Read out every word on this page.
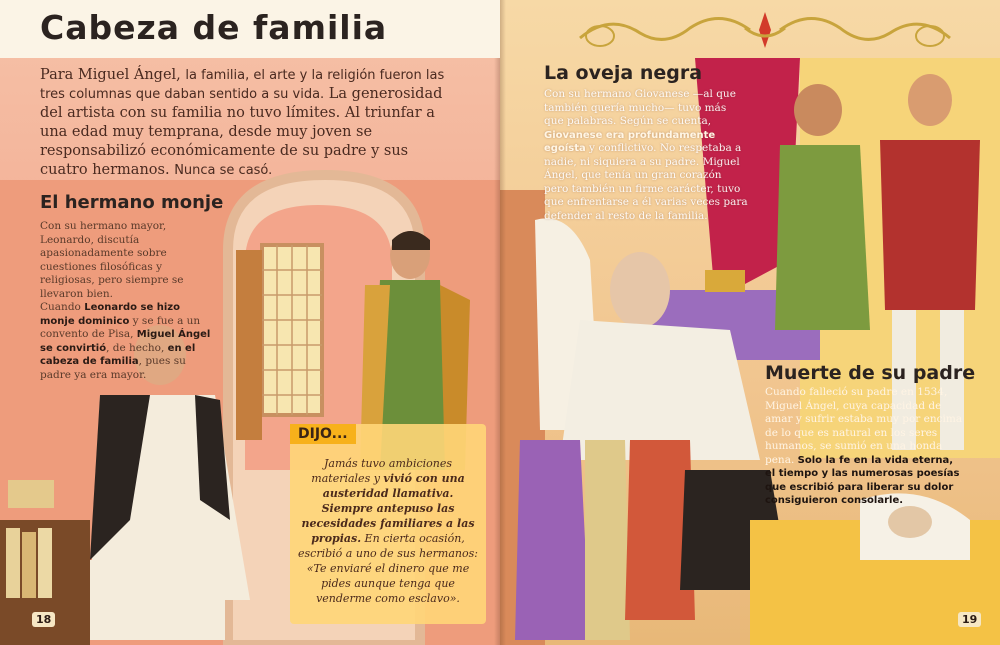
Para Miguel Ángel, la familia, el arte y la religión fueron las tres columnas que daban sentido a su vida. La generosidad del artista con su familia no tuvo límites. Al triunfar a una edad muy temprana, desde muy joven se responsabilizó económicamente de su padre y sus cuatro hermanos. Nunca se casó.

El hermano monje

Con su hermano mayor, Leonardo, discutía apasionadamente sobre cuestiones filosóficas y religiosas, pero siempre se llevaron bien.

Cuando Leonardo se hizo monje dominico y se fue a un convento de Pisa, Miguel Ángel se convirtió, de hecho, en el cabeza de familia, pues su padre ya era mayor.

DIJO...

Jamás tuvo ambiciones materiales y vivió con una austeridad llamativa. Siempre antepuso las necesidades familiares a las propias. En cierta ocasión, escribió a uno de sus hermanos: «Te enviaré el dinero que me pides aunque tenga que venderme como esclavo».

18
La oveja negra

Con su hermano Giovanese —al que también quería mucho— tuvo más que palabras. Según se cuenta, Giovanese era profundamente egoísta y conflictivo. No respetaba a nadie, ni siquiera a su padre. Miguel Ángel, que tenía un gran corazón pero también un firme carácter, tuvo que enfrentarse a él varias veces para defender al resto de la familia.

Muerte de su padre

Cuando falleció su padre en 1534, Miguel Ángel, cuya capacidad de amar y sufrir estaba muy por encima de lo que es natural en los seres humanos, se sumió en una honda pena. Solo la fe en la vida eterna, el tiempo y las numerosas poesías que escribió para liberar su dolor consiguieron consolarle.

19
Cabeza de familia
